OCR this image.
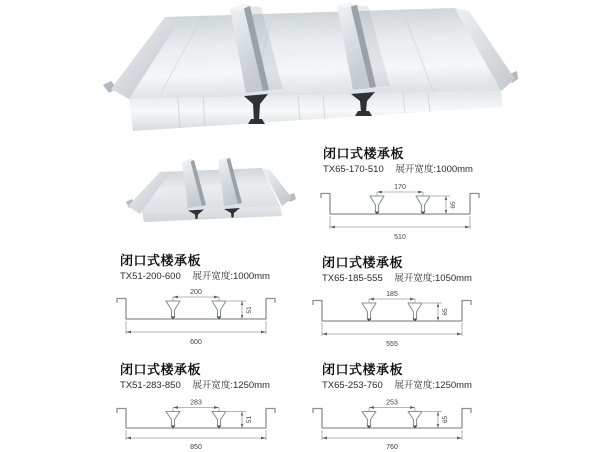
闭口式楼承板
TX65-170-510 展开宽度:1000mm
170
65
510
闭口式楼承板
TX51-200-600 展开宽度:1000mm
200
51
600
闭口式楼承板
TX65-185-555 展开宽度:1050mm
185
65
555
闭口式楼承板
TX51-283-850 展开宽度:1250mm
283
51
850
闭口式楼承板
TX65-253-760 展开宽度:1250mm
253
65
760
